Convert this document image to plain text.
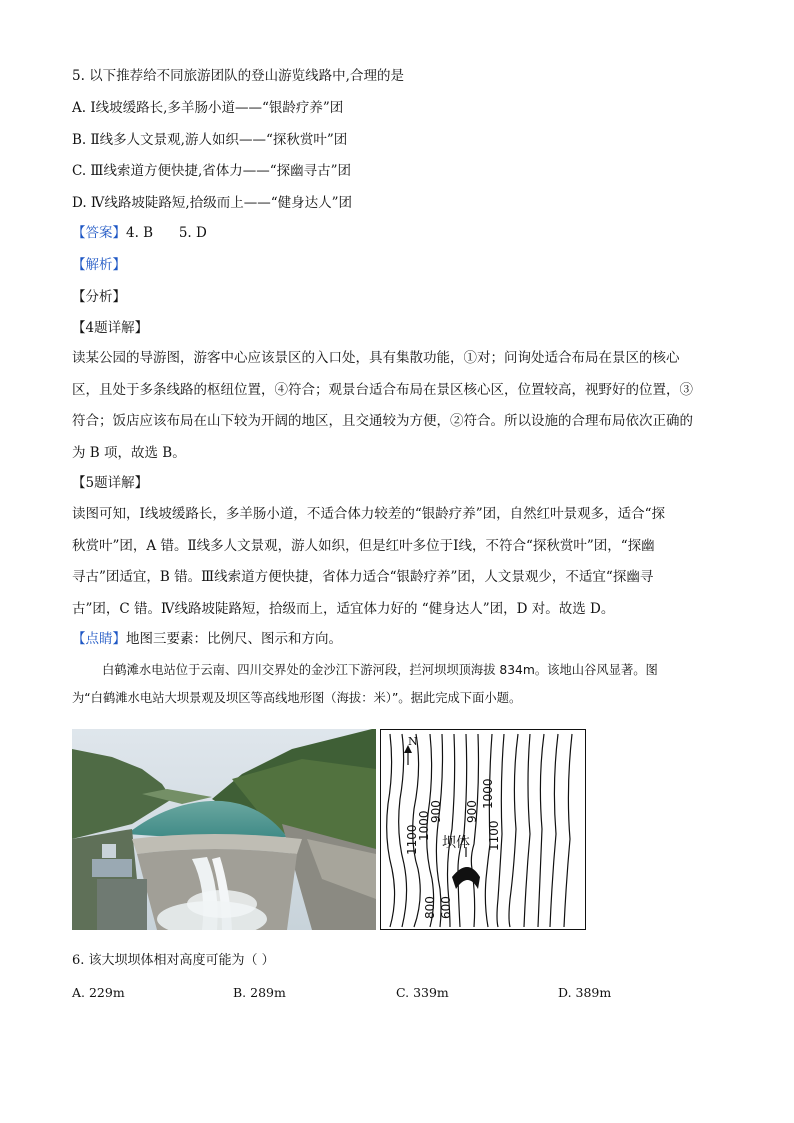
5. 以下推荐给不同旅游团队的登山游览线路中,合理的是
A. Ⅰ线坡缓路长,多羊肠小道——“银龄疗养”团
B. Ⅱ线多人文景观,游人如织——“探秋赏叶”团
C. Ⅲ线索道方便快捷,省体力——“探幽寻古”团
D. Ⅳ线路坡陡路短,拾级而上——“健身达人”团
【答案】4. B      5. D
【解析】
【分析】
【4题详解】
读某公园的导游图，游客中心应该景区的入口处，具有集散功能，①对；问询处适合布局在景区的核心
区，且处于多条线路的枢纽位置，④符合；观景台适合布局在景区核心区，位置较高，视野好的位置，③
符合；饭店应该布局在山下较为开阔的地区，且交通较为方便，②符合。所以设施的合理布局依次正确的
为 B 项，故选 B。
【5题详解】
读图可知，Ⅰ线坡缓路长，多羊肠小道，不适合体力较差的“银龄疗养”团，自然红叶景观多，适合“探
秋赏叶”团，A 错。Ⅱ线多人文景观，游人如织，但是红叶多位于Ⅰ线，不符合“探秋赏叶”团，“探幽
寻古”团适宜，B 错。Ⅲ线索道方便快捷，省体力适合“银龄疗养”团，人文景观少，不适宜“探幽寻
古”团，C 错。Ⅳ线路坡陡路短，拾级而上，适宜体力好的 “健身达人”团，D 对。故选 D。
【点睛】地图三要素：比例尺、图示和方向。
白鹤滩水电站位于云南、四川交界处的金沙江下游河段，拦河坝坝顶海拔 834m。该地山谷风显著。图
为“白鹤滩水电站大坝景观及坝区等高线地形图（海拔：米）”。据此完成下面小题。
N
坝体
1100
1000
900 900
1000
1100
800 600
6. 该大坝坝体相对高度可能为（ ）
A. 229m	B. 289m	C. 339m	D. 389m
